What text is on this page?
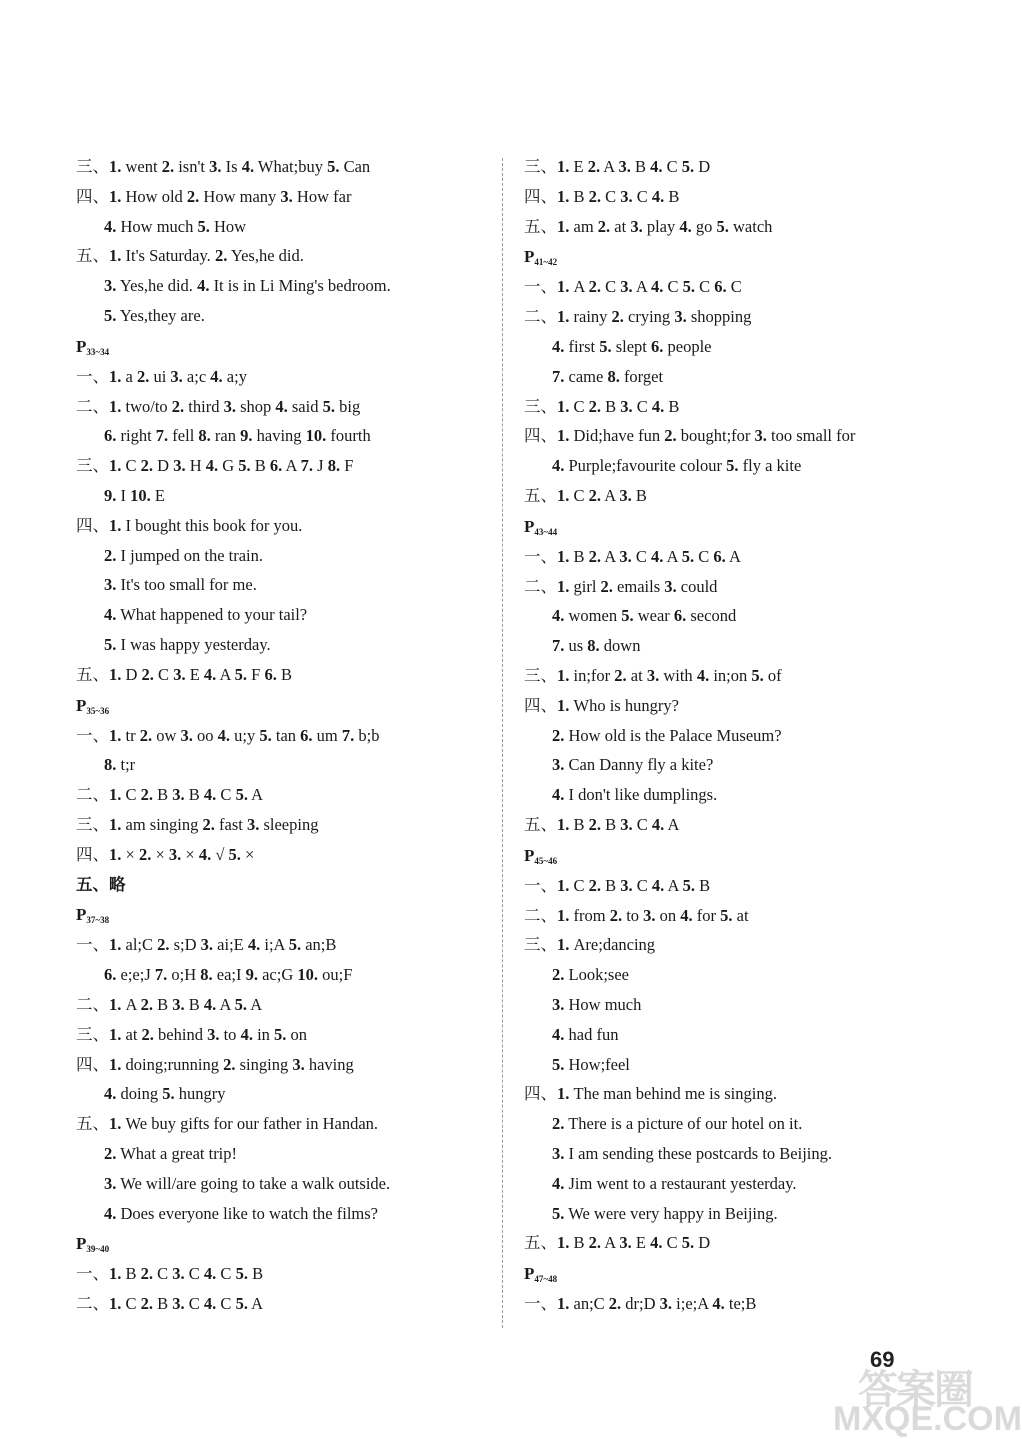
三、1. went 2. isn't 3. Is 4. What;buy 5. Can
四、1. How old 2. How many 3. How far
4. How much 5. How
五、1. It's Saturday. 2. Yes,he did.
3. Yes,he did. 4. It is in Li Ming's bedroom.
5. Yes,they are.
$P_{33\sim 34}$
一、1. a 2. ui 3. a;c 4. a;y
二、1. two/to 2. third 3. shop 4. said 5. big
6. right 7. fell 8. ran 9. having 10. fourth
三、1. C 2. D 3. H 4. G 5. B 6. A 7. J 8. F
9. I 10. E
四、1. I bought this book for you.
2. I jumped on the train.
3. It's too small for me.
4. What happened to your tail?
5. I was happy yesterday.
五、1. D 2. C 3. E 4. A 5. F 6. B
$P_{35\sim 36}$
一、1. tr 2. ow 3. oo 4. u;y 5. tan 6. um 7. b;b
8. t;r
二、1. C 2. B 3. B 4. C 5. A
三、1. am singing 2. fast 3. sleeping
四、1. × 2. × 3. × 4. √ 5. ×
五、略
$P_{37\sim 38}$
一、1. al;C 2. s;D 3. ai;E 4. i;A 5. an;B
6. e;e;J 7. o;H 8. ea;I 9. ac;G 10. ou;F
二、1. A 2. B 3. B 4. A 5. A
三、1. at 2. behind 3. to 4. in 5. on
四、1. doing;running 2. singing 3. having
4. doing 5. hungry
五、1. We buy gifts for our father in Handan.
2. What a great trip!
3. We will/are going to take a walk outside.
4. Does everyone like to watch the films?
$P_{39\sim 40}$
一、1. B 2. C 3. C 4. C 5. B
二、1. C 2. B 3. C 4. C 5. A
三、1. E 2. A 3. B 4. C 5. D
四、1. B 2. C 3. C 4. B
五、1. am 2. at 3. play 4. go 5. watch
$P_{41\sim 42}$
一、1. A 2. C 3. A 4. C 5. C 6. C
二、1. rainy 2. crying 3. shopping
4. first 5. slept 6. people
7. came 8. forget
三、1. C 2. B 3. C 4. B
四、1. Did;have fun 2. bought;for 3. too small for
4. Purple;favourite colour 5. fly a kite
五、1. C 2. A 3. B
$P_{43\sim 44}$
一、1. B 2. A 3. C 4. A 5. C 6. A
二、1. girl 2. emails 3. could
4. women 5. wear 6. second
7. us 8. down
三、1. in;for 2. at 3. with 4. in;on 5. of
四、1. Who is hungry?
2. How old is the Palace Museum?
3. Can Danny fly a kite?
4. I don't like dumplings.
五、1. B 2. B 3. C 4. A
$P_{45\sim 46}$
一、1. C 2. B 3. C 4. A 5. B
二、1. from 2. to 3. on 4. for 5. at
三、1. Are;dancing
2. Look;see
3. How much
4. had fun
5. How;feel
四、1. The man behind me is singing.
2. There is a picture of our hotel on it.
3. I am sending these postcards to Beijing.
4. Jim went to a restaurant yesterday.
5. We were very happy in Beijing.
五、1. B 2. A 3. E 4. C 5. D
$P_{47\sim 48}$
一、1. an;C 2. dr;D 3. i;e;A 4. te;B
69
答案圈
MXQE.COM
